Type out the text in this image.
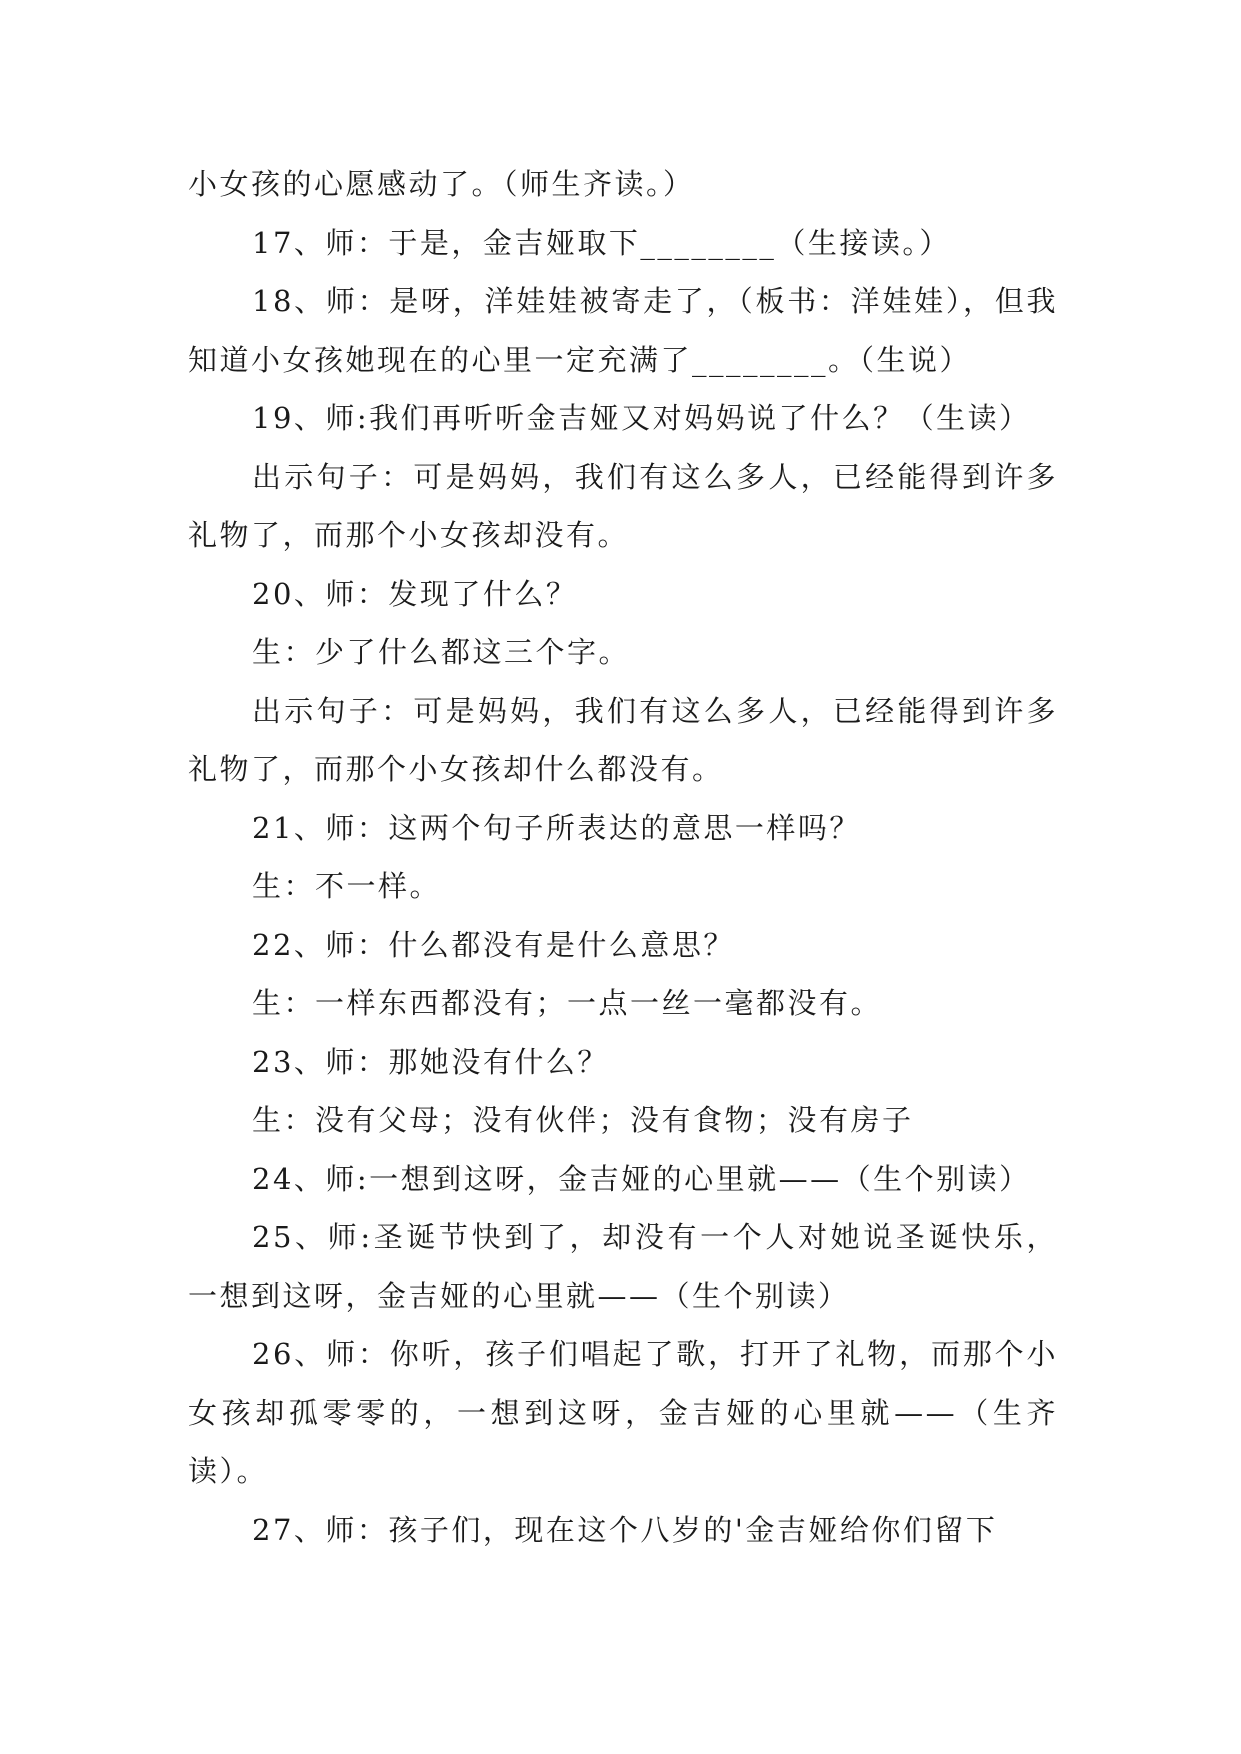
小女孩的心愿感动了。（师生齐读。）

17、师：于是，金吉娅取下________（生接读。）

18、师：是呀，洋娃娃被寄走了，（板书：洋娃娃），但我知道小女孩她现在的心里一定充满了________。（生说）

19、师:我们再听听金吉娅又对妈妈说了什么？（生读）

出示句子：可是妈妈，我们有这么多人，已经能得到许多礼物了，而那个小女孩却没有。

20、师：发现了什么？

生：少了什么都这三个字。

出示句子：可是妈妈，我们有这么多人，已经能得到许多礼物了，而那个小女孩却什么都没有。

21、师：这两个句子所表达的意思一样吗？

生：不一样。

22、师：什么都没有是什么意思？

生：一样东西都没有；一点一丝一毫都没有。

23、师：那她没有什么？

生：没有父母；没有伙伴；没有食物；没有房子

24、师:一想到这呀，金吉娅的心里就——（生个别读）

25、师:圣诞节快到了，却没有一个人对她说圣诞快乐，一想到这呀，金吉娅的心里就——（生个别读）

26、师：你听，孩子们唱起了歌，打开了礼物，而那个小女孩却孤零零的，一想到这呀，金吉娅的心里就——（生齐读）。

27、师：孩子们，现在这个八岁的'金吉娅给你们留下
